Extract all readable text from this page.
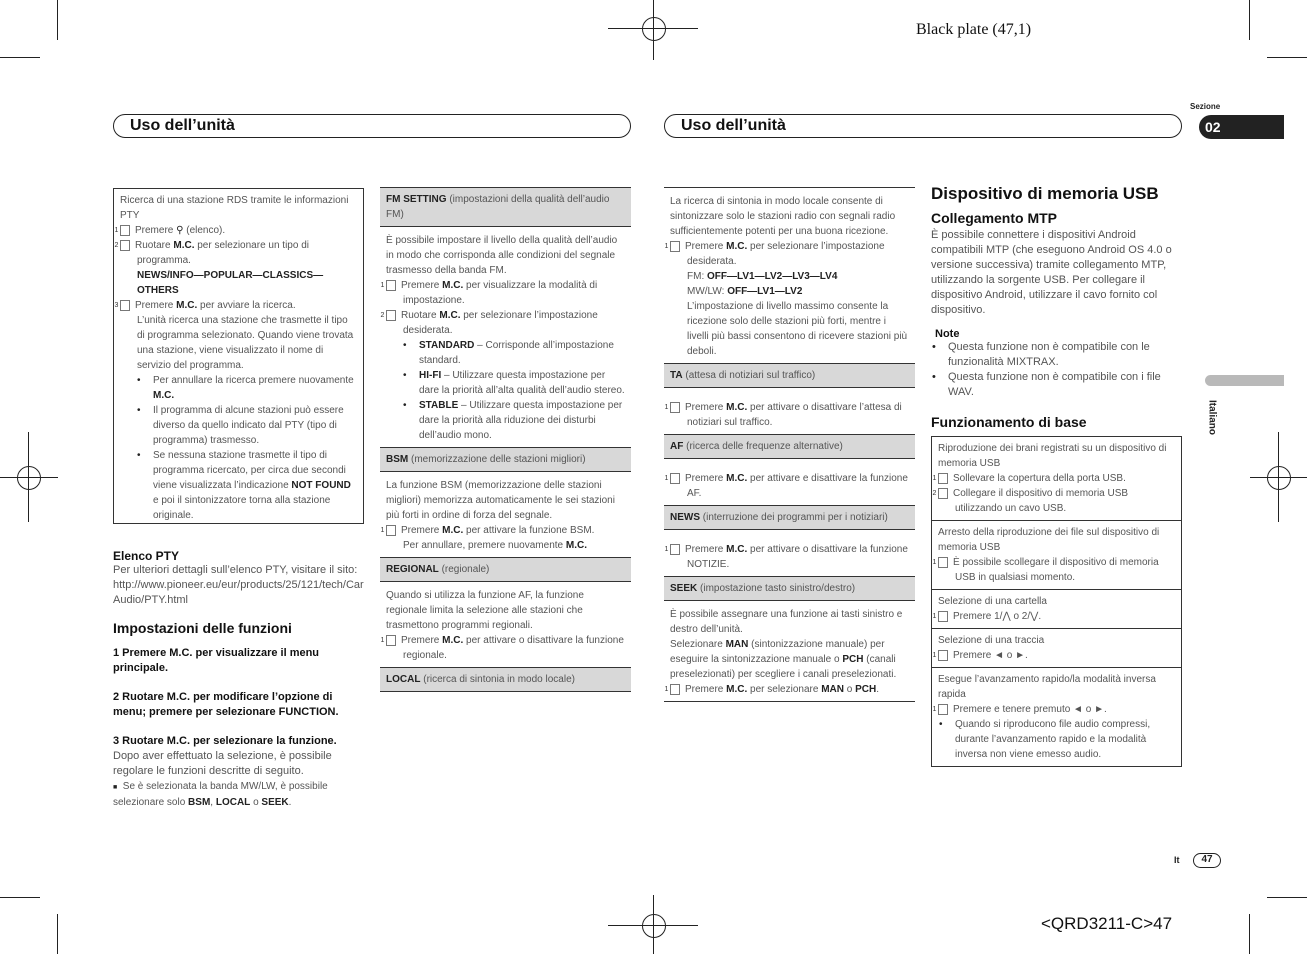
Black plate (47,1)
Sezione
02
Italiano
Uso dell’unità	Uso dell’unità
Ricerca di una stazione RDS tramite le informazioni PTY
1 Premere ⚲ (elenco).
2 Ruotare M.C. per selezionare un tipo di programma.
NEWS/INFO—POPULAR—CLASSICS—OTHERS
3 Premere M.C. per avviare la ricerca.
L’unità ricerca una stazione che trasmette il tipo di programma selezionato. Quando viene trovata una stazione, viene visualizzato il nome di servizio del programma.
• Per annullare la ricerca premere nuovamente M.C.
• Il programma di alcune stazioni può essere diverso da quello indicato dal PTY (tipo di programma) trasmesso.
• Se nessuna stazione trasmette il tipo di programma ricercato, per circa due secondi viene visualizzata l’indicazione NOT FOUND e poi il sintonizzatore torna alla stazione originale.
Elenco PTY
Per ulteriori dettagli sull’elenco PTY, visitare il sito:
http://www.pioneer.eu/eur/products/25/121/tech/CarAudio/PTY.html
Impostazioni delle funzioni
1 Premere M.C. per visualizzare il menu principale.
2 Ruotare M.C. per modificare l’opzione di menu; premere per selezionare FUNCTION.
3 Ruotare M.C. per selezionare la funzione.
Dopo aver effettuato la selezione, è possibile regolare le funzioni descritte di seguito.
■ Se è selezionata la banda MW/LW, è possibile selezionare solo BSM, LOCAL o SEEK.
FM SETTING (impostazioni della qualità dell’audio FM)
È possibile impostare il livello della qualità dell’audio in modo che corrisponda alle condizioni del segnale trasmesso della banda FM.
1 Premere M.C. per visualizzare la modalità di impostazione.
2 Ruotare M.C. per selezionare l’impostazione desiderata.
• STANDARD – Corrisponde all’impostazione standard.
• HI-FI – Utilizzare questa impostazione per dare la priorità all’alta qualità dell’audio stereo.
• STABLE – Utilizzare questa impostazione per dare la priorità alla riduzione dei disturbi dell’audio mono.
BSM (memorizzazione delle stazioni migliori)
La funzione BSM (memorizzazione delle stazioni migliori) memorizza automaticamente le sei stazioni più forti in ordine di forza del segnale.
1 Premere M.C. per attivare la funzione BSM.
Per annullare, premere nuovamente M.C.
REGIONAL (regionale)
Quando si utilizza la funzione AF, la funzione regionale limita la selezione alle stazioni che trasmettono programmi regionali.
1 Premere M.C. per attivare o disattivare la funzione regionale.
LOCAL (ricerca di sintonia in modo locale)
La ricerca di sintonia in modo locale consente di sintonizzare solo le stazioni radio con segnali radio sufficientemente potenti per una buona ricezione.
1 Premere M.C. per selezionare l’impostazione desiderata.
FM: OFF—LV1—LV2—LV3—LV4
MW/LW: OFF—LV1—LV2
L’impostazione di livello massimo consente la ricezione solo delle stazioni più forti, mentre i livelli più bassi consentono di ricevere stazioni più deboli.
TA (attesa di notiziari sul traffico)
1 Premere M.C. per attivare o disattivare l’attesa di notiziari sul traffico.
AF (ricerca delle frequenze alternative)
1 Premere M.C. per attivare e disattivare la funzione AF.
NEWS (interruzione dei programmi per i notiziari)
1 Premere M.C. per attivare o disattivare la funzione NOTIZIE.
SEEK (impostazione tasto sinistro/destro)
È possibile assegnare una funzione ai tasti sinistro e destro dell’unità.
Selezionare MAN (sintonizzazione manuale) per eseguire la sintonizzazione manuale o PCH (canali preselezionati) per scegliere i canali preselezionati.
1 Premere M.C. per selezionare MAN o PCH.
Dispositivo di memoria USB
Collegamento MTP
È possibile connettere i dispositivi Android compatibili MTP (che eseguono Android OS 4.0 o versione successiva) tramite collegamento MTP, utilizzando la sorgente USB. Per collegare il dispositivo Android, utilizzare il cavo fornito col dispositivo.
Note
• Questa funzione non è compatibile con le funzionalità MIXTRAX.
• Questa funzione non è compatibile con i file WAV.
Funzionamento di base
Riproduzione dei brani registrati su un dispositivo di memoria USB
1 Sollevare la copertura della porta USB.
2 Collegare il dispositivo di memoria USB utilizzando un cavo USB.
Arresto della riproduzione dei file sul dispositivo di memoria USB
1 È possibile scollegare il dispositivo di memoria USB in qualsiasi momento.
Selezione di una cartella
1 Premere 1/⋀ o 2/⋁.
Selezione di una traccia
1 Premere ◄ o ►.
Esegue l’avanzamento rapido/la modalità inversa rapida
1 Premere e tenere premuto ◄ o ►.
• Quando si riproducono file audio compressi, durante l’avanzamento rapido e la modalità inversa non viene emesso audio.
It	47
<QRD3211-C>47
